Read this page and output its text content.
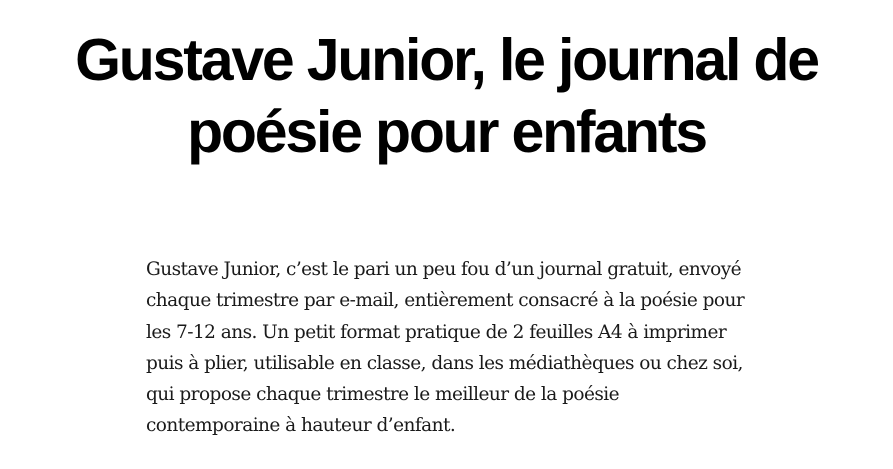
Gustave Junior, le journal de poésie pour enfants

Gustave Junior, c’est le pari un peu fou d’un journal gratuit, envoyé chaque trimestre par e-mail, entièrement consacré à la poésie pour les 7-12 ans. Un petit format pratique de 2 feuilles A4 à imprimer puis à plier, utilisable en classe, dans les médiathèques ou chez soi, qui propose chaque trimestre le meilleur de la poésie contemporaine à hauteur d’enfant.
